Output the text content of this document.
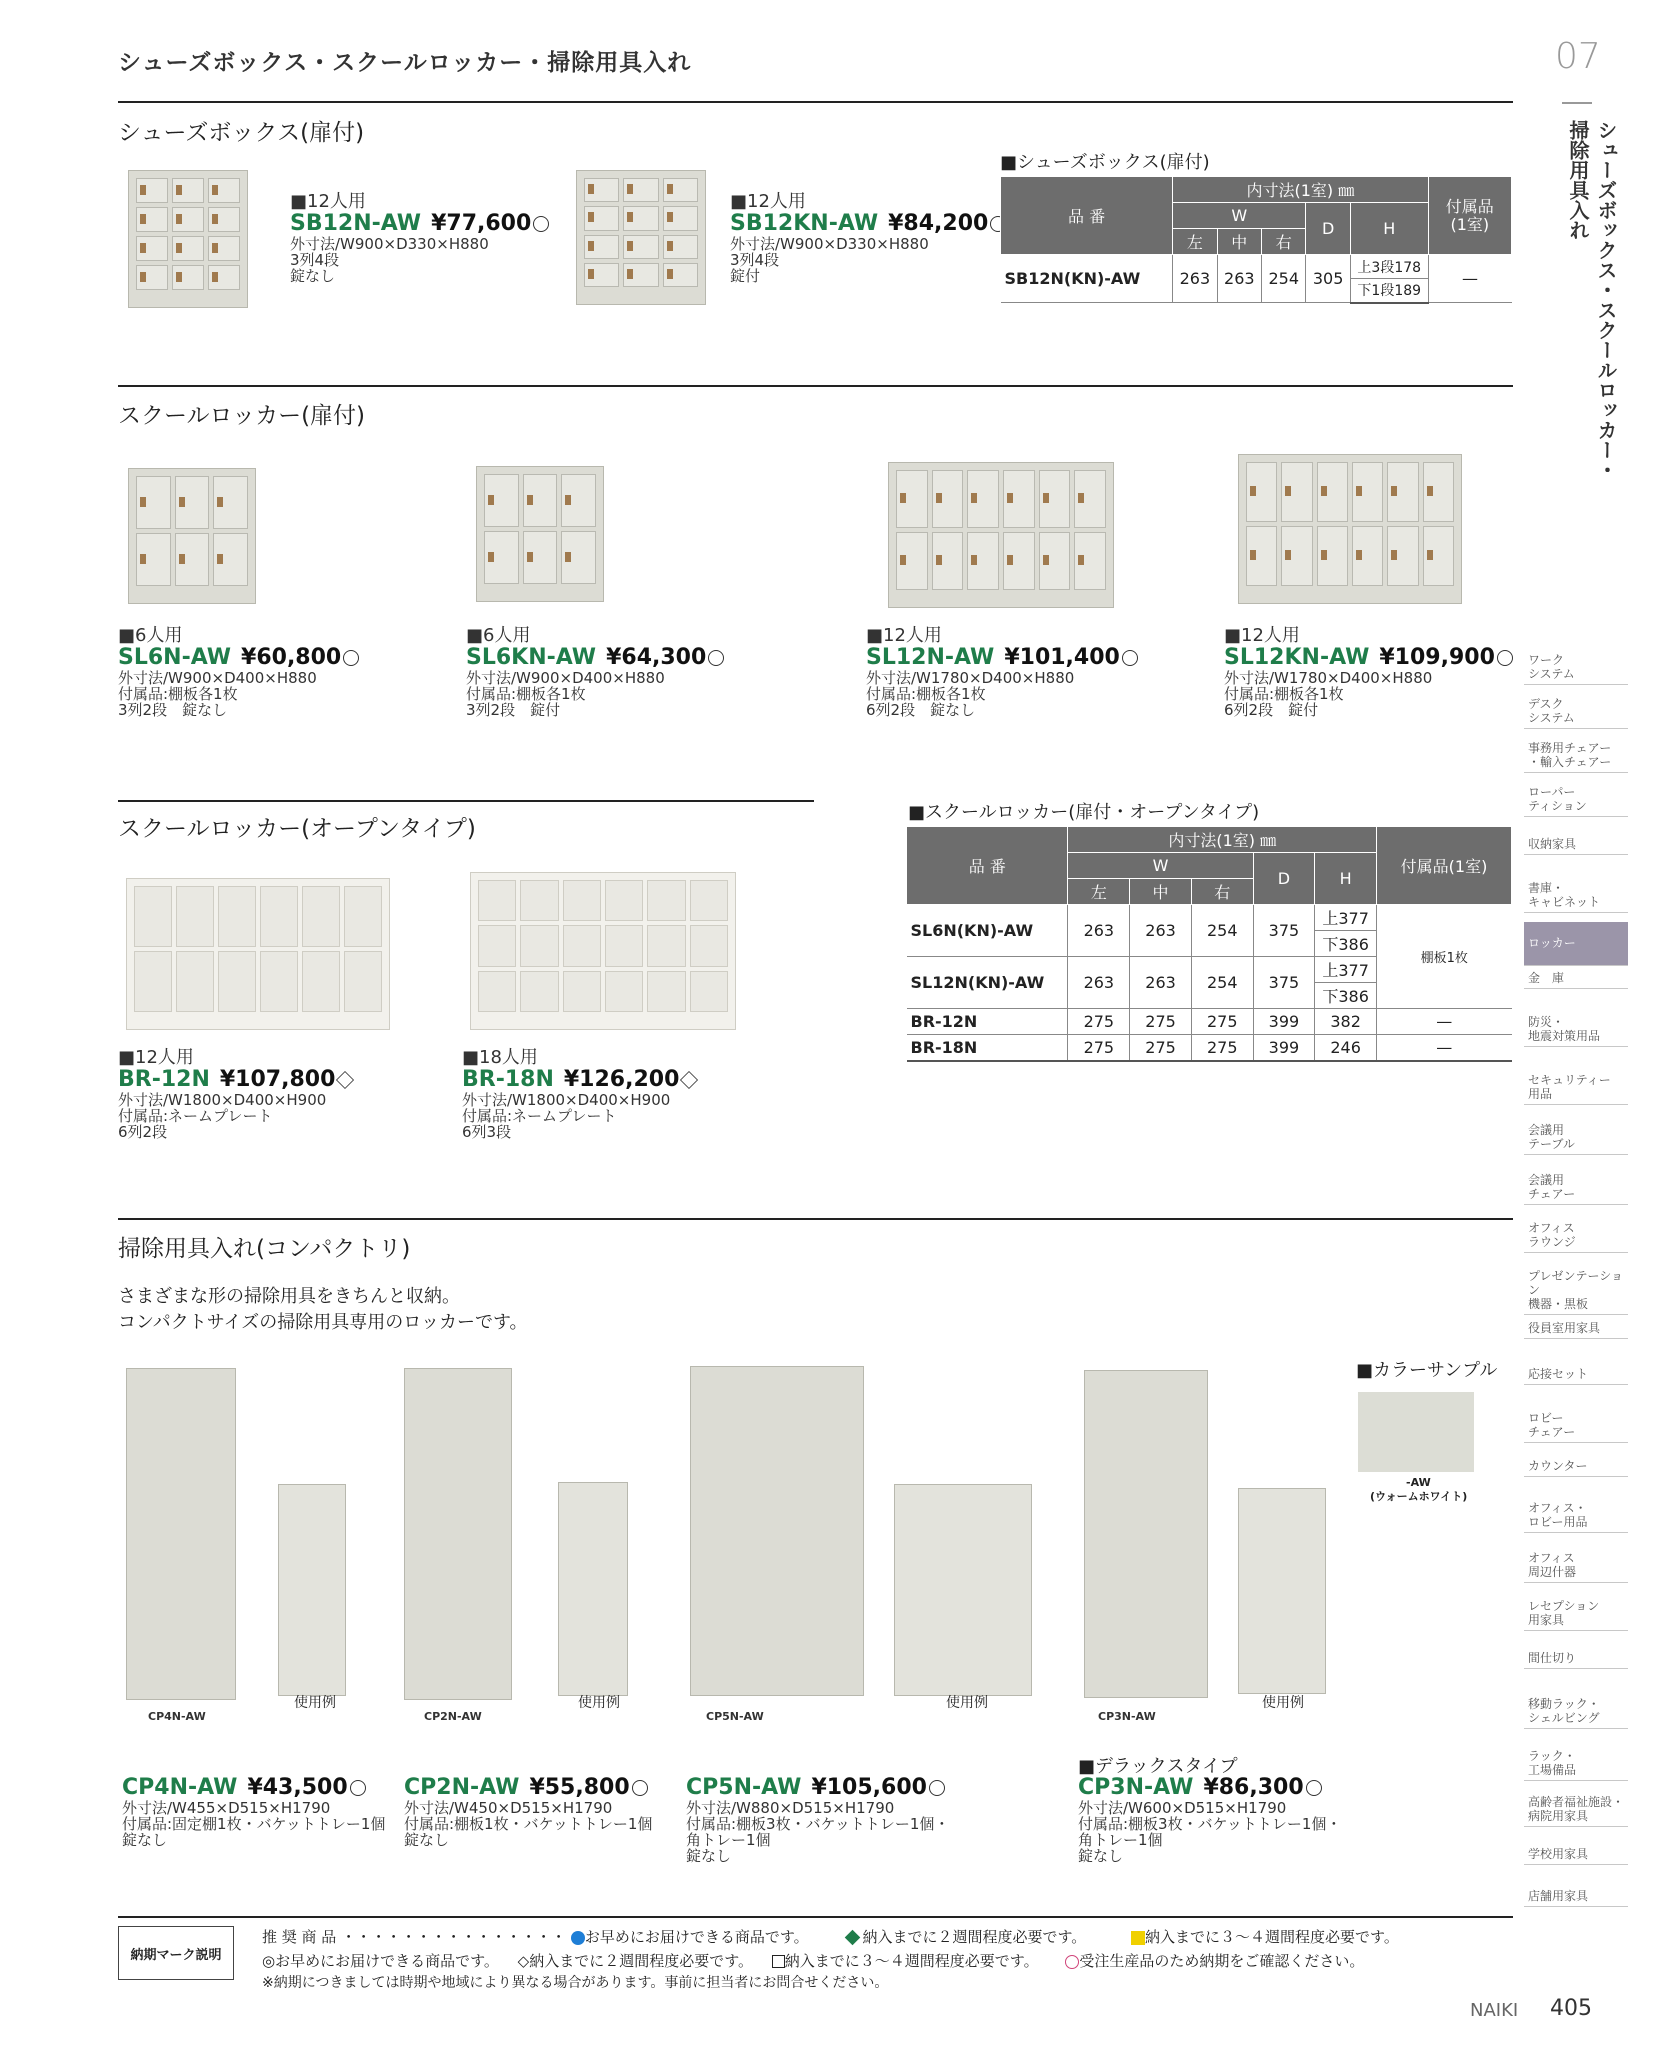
シューズボックス・スクールロッカー・掃除用具入れ	07
シューズボックス・スクールロッカー・掃除用具入れ
シューズボックス(扉付)
■12人用
SB12N-AW ¥77,600
外寸法/W900×D330×H880
3列4段
錠なし
■12人用
SB12KN-AW ¥84,200
外寸法/W900×D330×H880
3列4段
錠付
■シューズボックス(扉付)
品 番	内寸法(1室) ㎜					付属品
(1室)
	W			D	H	
	左	中	右			
SB12N(KN)-AW	263	263	254	305	上3段178	—
					下1段189	
スクールロッカー(扉付)
■6人用
SL6N-AW ¥60,800
外寸法/W900×D400×H880
付属品:棚板各1枚
3列2段　錠なし
■6人用
SL6KN-AW ¥64,300
外寸法/W900×D400×H880
付属品:棚板各1枚
3列2段　錠付
■12人用
SL12N-AW ¥101,400
外寸法/W1780×D400×H880
付属品:棚板各1枚
6列2段　錠なし
■12人用
SL12KN-AW ¥109,900
外寸法/W1780×D400×H880
付属品:棚板各1枚
6列2段　錠付
スクールロッカー(オープンタイプ)
■12人用
BR-12N ¥107,800
外寸法/W1800×D400×H900
付属品:ネームプレート
6列2段
■18人用
BR-18N ¥126,200
外寸法/W1800×D400×H900
付属品:ネームプレート
6列3段
■スクールロッカー(扉付・オープンタイプ)
品 番	内寸法(1室) ㎜					付属品(1室)
	W			D	H	
	左	中	右			
SL6N(KN)-AW	263	263	254	375	上377	棚板1枚
					下386	
SL12N(KN)-AW	263	263	254	375	上377	
					下386	
BR-12N	275	275	275	399	382	—
BR-18N	275	275	275	399	246	—
掃除用具入れ(コンパクトリ)
さまざまな形の掃除用具をきちんと収納。
コンパクトサイズの掃除用具専用のロッカーです。
CP4N-AW
使用例
CP2N-AW
使用例
CP5N-AW
使用例
CP3N-AW
使用例
■カラーサンプル
-AW
(ウォームホワイト)
■デラックスタイプ
CP4N-AW ¥43,500
外寸法/W455×D515×H1790
付属品:固定棚1枚・バケットトレー1個
錠なし
CP2N-AW ¥55,800
外寸法/W450×D515×H1790
付属品:棚板1枚・バケットトレー1個
錠なし
CP5N-AW ¥105,600
外寸法/W880×D515×H1790
付属品:棚板3枚・バケットトレー1個・
角トレー1個
錠なし
CP3N-AW ¥86,300
外寸法/W600×D515×H1790
付属品:棚板3枚・バケットトレー1個・
角トレー1個
錠なし
ワーク
システム
デスク
システム
事務用チェアー
・輸入チェアー
ローパー
ティション
収納家具
書庫・
キャビネット
ロッカー
金　庫
防災・
地震対策用品
セキュリティー
用品
会議用
テーブル
会議用
チェアー
オフィス
ラウンジ
プレゼンテーション
機器・黒板
役員室用家具
応接セット
ロビー
チェアー
カウンター
オフィス・
ロビー用品
オフィス
周辺什器
レセプション
用家具
間仕切り
移動ラック・
シェルビング
ラック・
工場備品
高齢者福祉施設・
病院用家具
学校用家具
店舗用家具
納期マーク説明
推 奨 商 品 ・・・・・・・・・・・・・・・ お早めにお届けできる商品です。	納入までに２週間程度必要です。	納入までに３～４週間程度必要です。
◎お早めにお届けできる商品です。 ◇納入までに２週間程度必要です。 納入までに３～４週間程度必要です。	受注生産品のため納期をご確認ください。
※納期につきましては時期や地域により異なる場合があります。事前に担当者にお問合せください。
NAIKI 405
